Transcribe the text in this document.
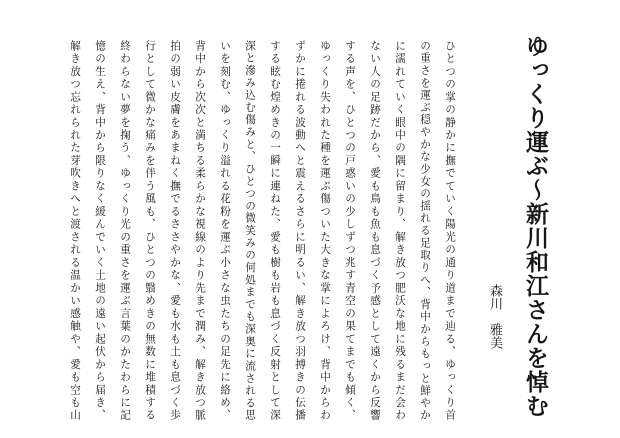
ゆっくり運ぶ～新川和江さんを悼む
森川　雅美
ひとつの掌の静かに撫でていく陽光の通り道まで辿る、ゆっくり首
の重さを運ぶ穏やかな少女の揺れる足取りへ、背中からもっと鮮やか
に濡れていく眼中の隅に留まり、解き放つ肥沃な地に残るまだ会わ
ない人の足跡だから、愛も鳥も魚も息づく予感として遠くから反響
する声を、ひとつの戸惑いの少しずつ兆す青空の果てまでも傾く、
ゆっくり失われた種を運ぶ傷ついた大きな掌によろけ、背中からわ
ずかに捲れる波動へと震えるさらに明るい、解き放つ羽搏きの伝播
する眩む煌めきの一瞬に連ねた、愛も樹も岩も息づく反射として深
深と滲み込む傷みと、ひとつの微笑みの何処までも深奥に流される思
いを刻む、ゆっくり溢れる花粉を運ぶ小さな虫たちの足先に絡め、
背中から次次と満ちる柔らかな視線のより先まで潤み、解き放つ脈
拍の弱い皮膚をあまねく撫でるささやかな、愛も水も土も息づく歩
行として微かな痛みを伴う風も、ひとつの翳めきの無数に堆積する
終わらない夢を掬う、ゆっくり光の重さを運ぶ言葉のかたわらに記
憶の生え、背中から限りなく緩んでいく土地の遠い起伏から届き、
解き放つ忘れられた芽吹きへと渡される温かい感触や、愛も空も山
